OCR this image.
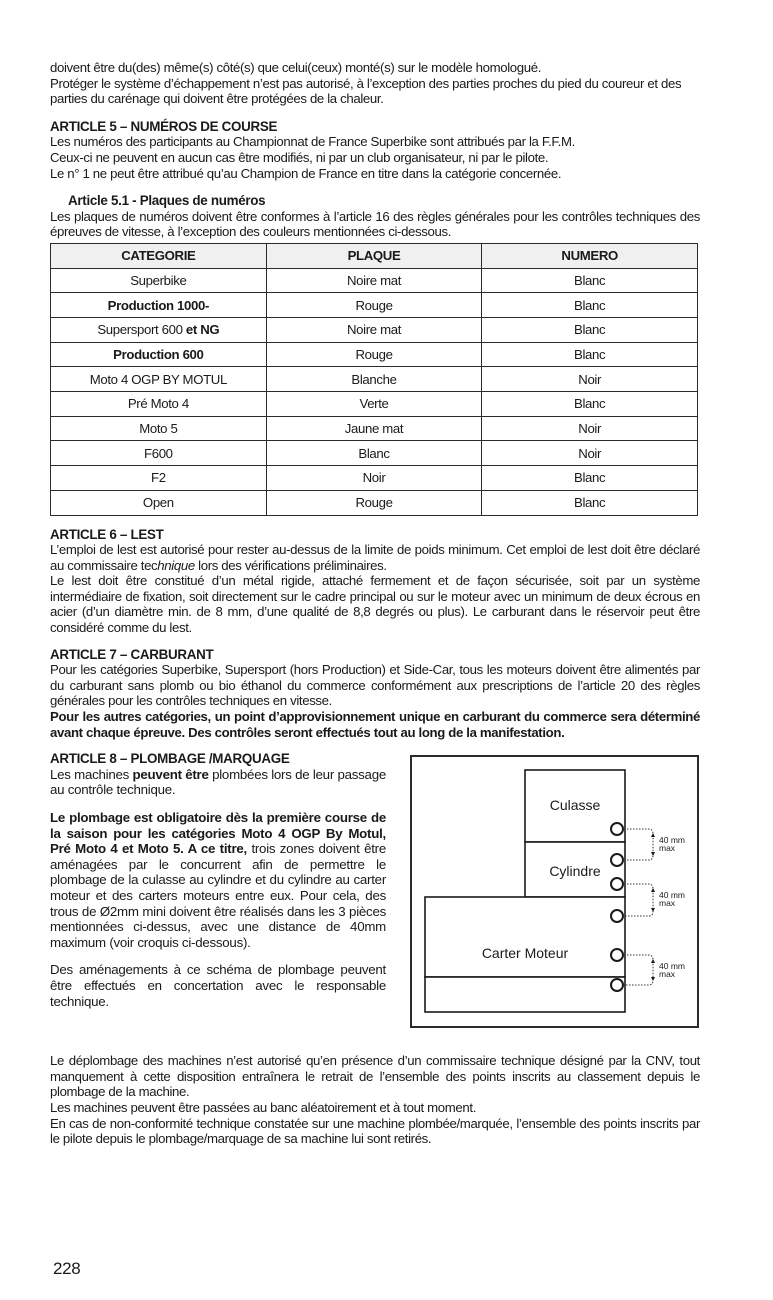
doivent être du(des) même(s) côté(s) que celui(ceux) monté(s) sur le modèle homologué.

Protéger le système d’échappement n’est pas autorisé, à l’exception des parties proches du pied du coureur et des parties du carénage qui doivent être protégées de la chaleur.

ARTICLE 5 – NUMÉROS DE COURSE

Les numéros des participants au Championnat de France Superbike sont attribués par la F.F.M.

Ceux-ci ne peuvent en aucun cas être modifiés, ni par un club organisateur, ni par le pilote.

Le n° 1 ne peut être attribué qu’au Champion de France en titre dans la catégorie concernée.

Article 5.1 - Plaques de numéros

Les plaques de numéros doivent être conformes à l’article 16 des règles générales pour les contrôles techniques des épreuves de vitesse, à l’exception des couleurs mentionnées ci-dessous.

CATEGORIE	PLAQUE	NUMERO
Superbike	Noire mat	Blanc
Production 1000-	Rouge	Blanc
Supersport 600 et NG	Noire mat	Blanc
Production 600	Rouge	Blanc
Moto 4 OGP BY MOTUL	Blanche	Noir
Pré Moto 4	Verte	Blanc
Moto 5	Jaune mat	Noir
F600	Blanc	Noir
F2	Noir	Blanc
Open	Rouge	Blanc
ARTICLE 6 – LEST

L’emploi de lest est autorisé pour rester au-dessus de la limite de poids minimum. Cet emploi de lest doit être déclaré au commissaire technique lors des vérifications préliminaires.

Le lest doit être constitué d’un métal rigide, attaché fermement et de façon sécurisée, soit par un système intermédiaire de fixation, soit directement sur le cadre principal ou sur le moteur avec un minimum de deux écrous en acier (d’un diamètre min. de 8 mm, d’une qualité de 8,8 degrés ou plus). Le carburant dans le réservoir peut être considéré comme du lest.

ARTICLE 7 – CARBURANT

Pour les catégories Superbike, Supersport (hors Production) et Side-Car, tous les moteurs doivent être alimentés par du carburant sans plomb ou bio éthanol du commerce conformément aux prescriptions de l’article 20 des règles générales pour les contrôles techniques en vitesse.

Pour les autres catégories, un point d’approvisionnement unique en carburant du commerce sera déterminé avant chaque épreuve. Des contrôles seront effectués tout au long de la manifestation.

ARTICLE 8 – PLOMBAGE /MARQUAGE

Les machines peuvent être plombées lors de leur passage au contrôle technique.

Le plombage est obligatoire dès la première course de la saison pour les catégories Moto 4 OGP By Motul, Pré Moto 4 et Moto 5. A ce titre, trois zones doivent être aménagées par le concurrent afin de permettre le plombage de la culasse au cylindre et du cylindre au carter moteur et des carters moteurs entre eux. Pour cela, des trous de Ø2mm mini doivent être réalisés dans les 3 pièces mentionnées ci-dessus, avec une distance de 40mm maximum (voir croquis ci-dessous).

Des aménagements à ce schéma de plombage peuvent être effectués en concertation avec le responsable technique.

Culasse
Cylindre
Carter Moteur
40 mm
max
40 mm
max
40 mm
max

Le déplombage des machines n’est autorisé qu’en présence d’un commissaire technique désigné par la CNV, tout manquement à cette disposition entraînera le retrait de l’ensemble des points inscrits au classement depuis le plombage de la machine.

Les machines peuvent être passées au banc aléatoirement et à tout moment.

En cas de non-conformité technique constatée sur une machine plombée/marquée, l’ensemble des points inscrits par le pilote depuis le plombage/marquage de sa machine lui sont retirés.

228
